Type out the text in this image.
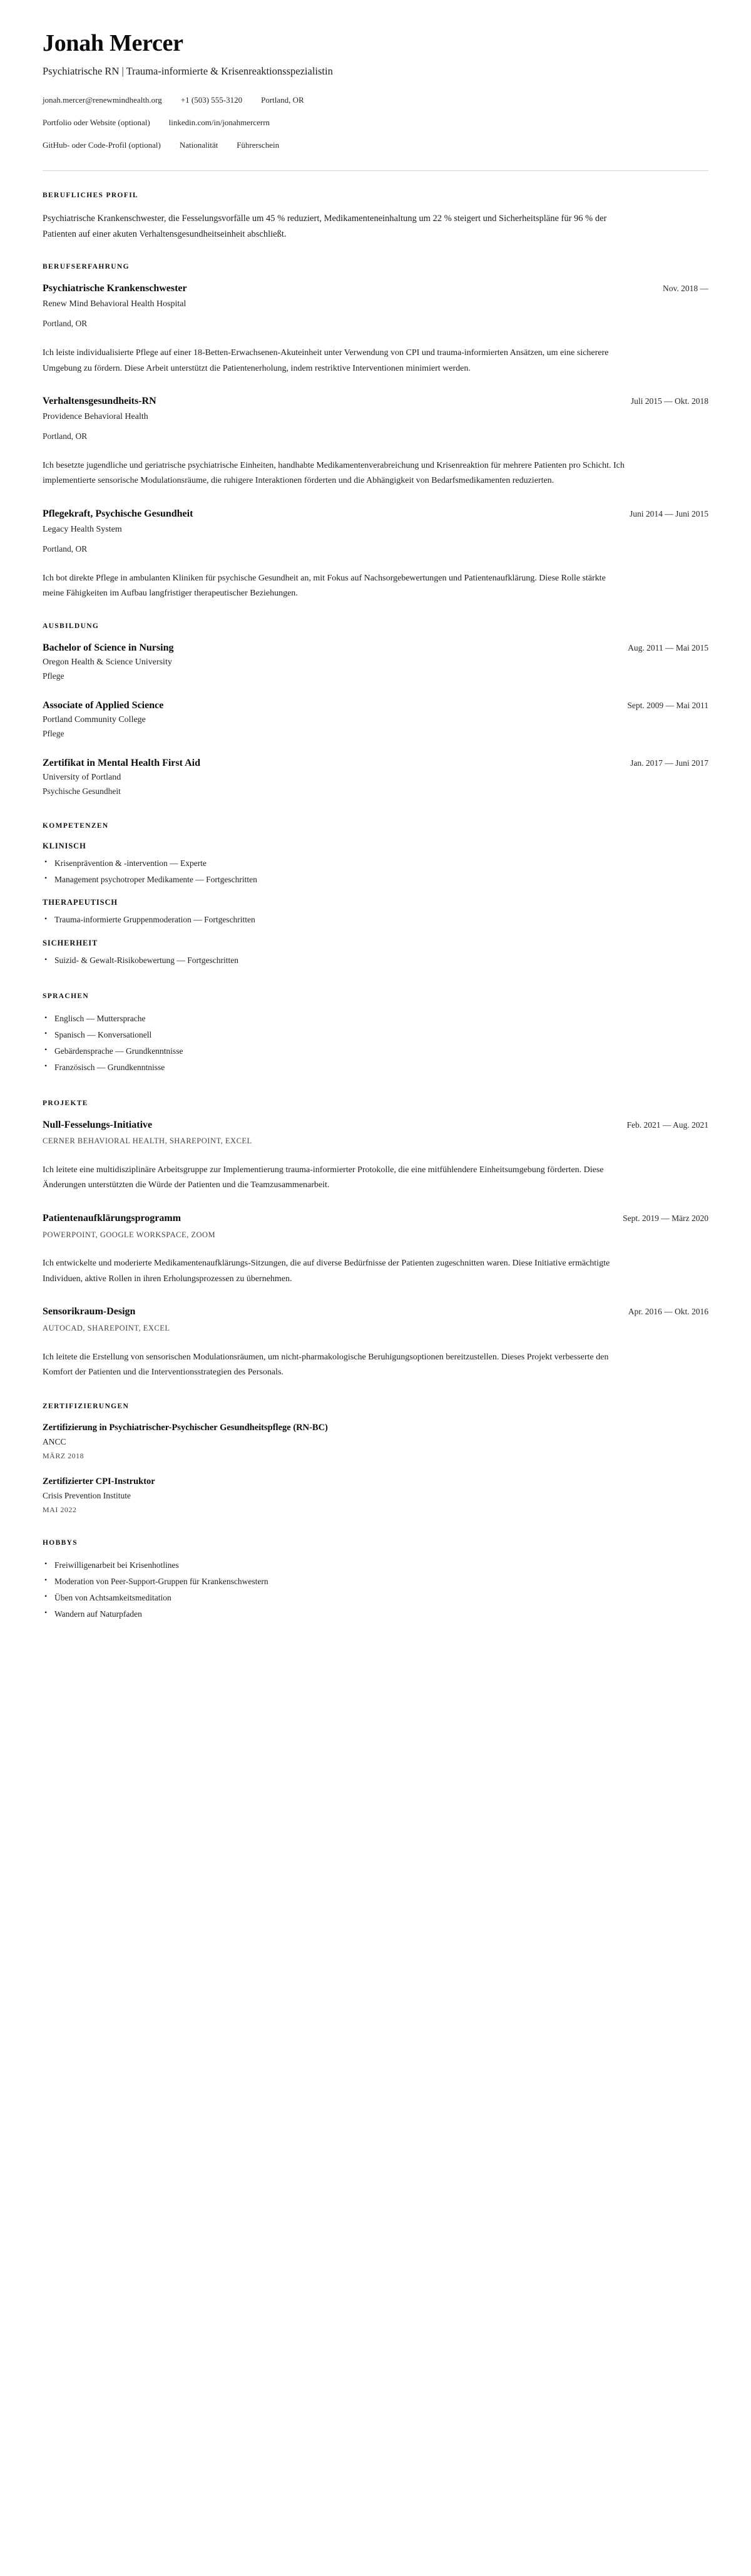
Jonah Mercer
Psychiatrische RN | Trauma-informierte & Krisenreaktionsspezialistin
jonah.mercer@renewmindhealth.org +1 (503) 555-3120 Portland, OR
Portfolio oder Website (optional) linkedin.com/in/jonahmercerrn
GitHub- oder Code-Profil (optional) Nationalität Führerschein
BERUFLICHES PROFIL

Psychiatrische Krankenschwester, die Fesselungsvorfälle um 45 % reduziert, Medikamenteneinhaltung um 22 % steigert und Sicherheitspläne für 96 % der Patienten auf einer akuten Verhaltensgesundheitseinheit abschließt.

BERUFSERFAHRUNG
Psychiatrische Krankenschwester	Nov. 2018 —
Renew Mind Behavioral Health Hospital
Portland, OR

Ich leiste individualisierte Pflege auf einer 18-Betten-Erwachsenen-Akuteinheit unter Verwendung von CPI und trauma-informierten Ansätzen, um eine sicherere Umgebung zu fördern. Diese Arbeit unterstützt die Patientenerholung, indem restriktive Interventionen minimiert werden.

Verhaltensgesundheits-RN	Juli 2015 — Okt. 2018
Providence Behavioral Health
Portland, OR

Ich besetzte jugendliche und geriatrische psychiatrische Einheiten, handhabte Medikamentenverabreichung und Krisenreaktion für mehrere Patienten pro Schicht. Ich implementierte sensorische Modulationsräume, die ruhigere Interaktionen förderten und die Abhängigkeit von Bedarfsmedikamenten reduzierten.

Pflegekraft, Psychische Gesundheit	Juni 2014 — Juni 2015
Legacy Health System
Portland, OR

Ich bot direkte Pflege in ambulanten Kliniken für psychische Gesundheit an, mit Fokus auf Nachsorgebewertungen und Patientenaufklärung. Diese Rolle stärkte meine Fähigkeiten im Aufbau langfristiger therapeutischer Beziehungen.

AUSBILDUNG
Bachelor of Science in Nursing	Aug. 2011 — Mai 2015
Oregon Health & Science University
Pflege
Associate of Applied Science	Sept. 2009 — Mai 2011
Portland Community College
Pflege
Zertifikat in Mental Health First Aid	Jan. 2017 — Juni 2017
University of Portland
Psychische Gesundheit
KOMPETENZEN
KLINISCH
• Krisenprävention & -intervention — Experte
• Management psychotroper Medikamente — Fortgeschritten
THERAPEUTISCH
• Trauma-informierte Gruppenmoderation — Fortgeschritten
SICHERHEIT
• Suizid- & Gewalt-Risikobewertung — Fortgeschritten
SPRACHEN
• Englisch — Muttersprache
• Spanisch — Konversationell
• Gebärdensprache — Grundkenntnisse
• Französisch — Grundkenntnisse
PROJEKTE
Null-Fesselungs-Initiative	Feb. 2021 — Aug. 2021
CERNER BEHAVIORAL HEALTH, SHAREPOINT, EXCEL

Ich leitete eine multidisziplinäre Arbeitsgruppe zur Implementierung trauma-informierter Protokolle, die eine mitfühlendere Einheitsumgebung förderten. Diese Änderungen unterstützten die Würde der Patienten und die Teamzusammenarbeit.

Patientenaufklärungsprogramm	Sept. 2019 — März 2020
POWERPOINT, GOOGLE WORKSPACE, ZOOM

Ich entwickelte und moderierte Medikamentenaufklärungs-Sitzungen, die auf diverse Bedürfnisse der Patienten zugeschnitten waren. Diese Initiative ermächtigte Individuen, aktive Rollen in ihren Erholungsprozessen zu übernehmen.

Sensorikraum-Design	Apr. 2016 — Okt. 2016
AUTOCAD, SHAREPOINT, EXCEL

Ich leitete die Erstellung von sensorischen Modulationsräumen, um nicht-pharmakologische Beruhigungsoptionen bereitzustellen. Dieses Projekt verbesserte den Komfort der Patienten und die Interventionsstrategien des Personals.

ZERTIFIZIERUNGEN
Zertifizierung in Psychiatrischer-Psychischer Gesundheitspflege (RN-BC)
ANCC
MÄRZ 2018
Zertifizierter CPI-Instruktor
Crisis Prevention Institute
MAI 2022
HOBBYS
• Freiwilligenarbeit bei Krisenhotlines
• Moderation von Peer-Support-Gruppen für Krankenschwestern
• Üben von Achtsamkeitsmeditation
• Wandern auf Naturpfaden
